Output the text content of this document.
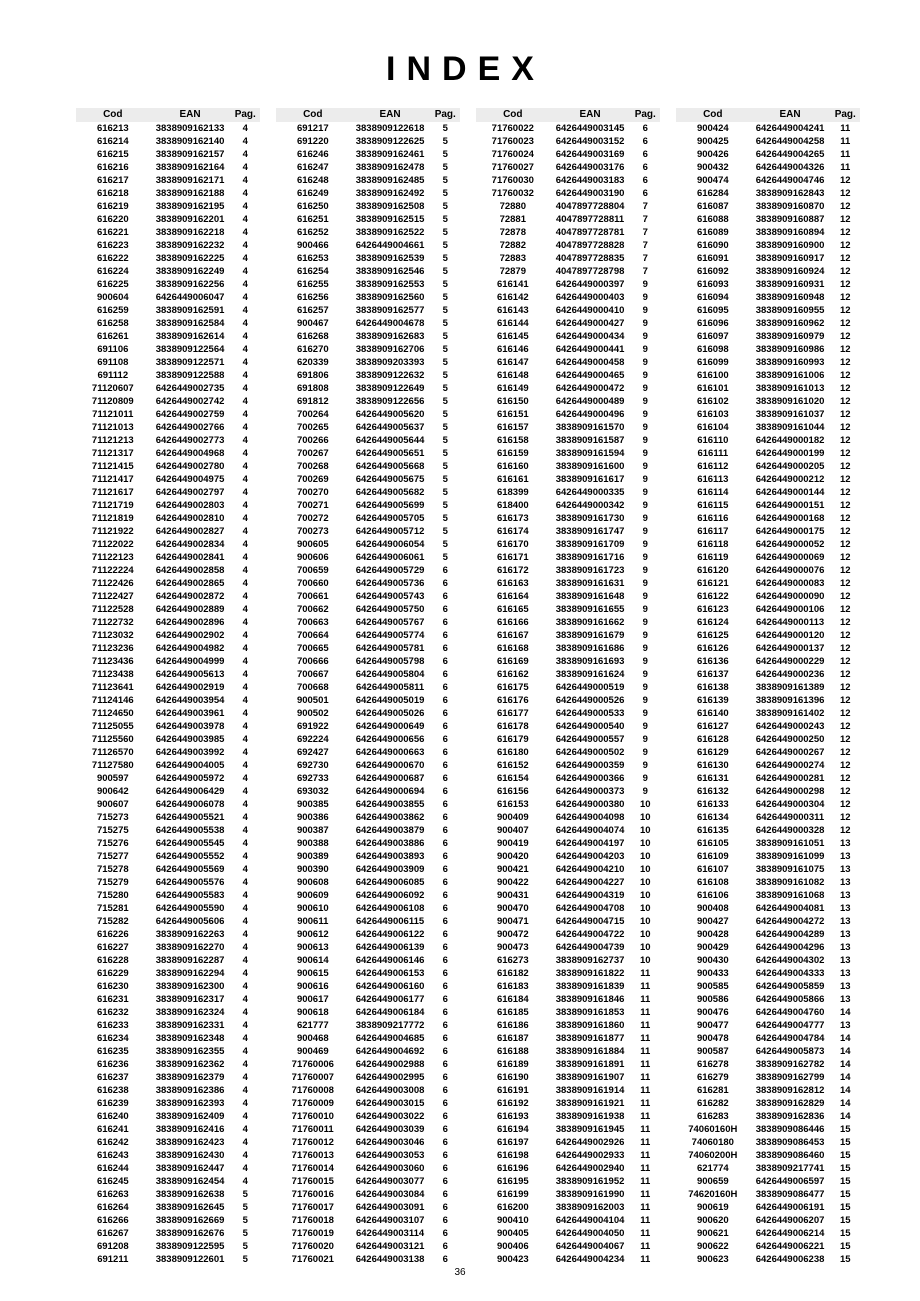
INDEX
Cod	EAN	Pag.
616213	3838909162133	4
616214	3838909162140	4
616215	3838909162157	4
616216	3838909162164	4
616217	3838909162171	4
616218	3838909162188	4
616219	3838909162195	4
616220	3838909162201	4
616221	3838909162218	4
616223	3838909162232	4
616222	3838909162225	4
616224	3838909162249	4
616225	3838909162256	4
900604	6426449006047	4
616259	3838909162591	4
616258	3838909162584	4
616261	3838909162614	4
691106	3838909122564	4
691108	3838909122571	4
691112	3838909122588	4
71120607	6426449002735	4
71120809	6426449002742	4
71121011	6426449002759	4
71121013	6426449002766	4
71121213	6426449002773	4
71121317	6426449004968	4
71121415	6426449002780	4
71121417	6426449004975	4
71121617	6426449002797	4
71121719	6426449002803	4
71121819	6426449002810	4
71121922	6426449002827	4
71122022	6426449002834	4
71122123	6426449002841	4
71122224	6426449002858	4
71122426	6426449002865	4
71122427	6426449002872	4
71122528	6426449002889	4
71122732	6426449002896	4
71123032	6426449002902	4
71123236	6426449004982	4
71123436	6426449004999	4
71123438	6426449005613	4
71123641	6426449002919	4
71124146	6426449003954	4
71124650	6426449003961	4
71125055	6426449003978	4
71125560	6426449003985	4
71126570	6426449003992	4
71127580	6426449004005	4
900597	6426449005972	4
900642	6426449006429	4
900607	6426449006078	4
715273	6426449005521	4
715275	6426449005538	4
715276	6426449005545	4
715277	6426449005552	4
715278	6426449005569	4
715279	6426449005576	4
715280	6426449005583	4
715281	6426449005590	4
715282	6426449005606	4
616226	3838909162263	4
616227	3838909162270	4
616228	3838909162287	4
616229	3838909162294	4
616230	3838909162300	4
616231	3838909162317	4
616232	3838909162324	4
616233	3838909162331	4
616234	3838909162348	4
616235	3838909162355	4
616236	3838909162362	4
616237	3838909162379	4
616238	3838909162386	4
616239	3838909162393	4
616240	3838909162409	4
616241	3838909162416	4
616242	3838909162423	4
616243	3838909162430	4
616244	3838909162447	4
616245	3838909162454	4
616263	3838909162638	5
616264	3838909162645	5
616266	3838909162669	5
616267	3838909162676	5
691208	3838909122595	5
691211	3838909122601	5
Cod	EAN	Pag.
691217	3838909122618	5
691220	3838909122625	5
616246	3838909162461	5
616247	3838909162478	5
616248	3838909162485	5
616249	3838909162492	5
616250	3838909162508	5
616251	3838909162515	5
616252	3838909162522	5
900466	6426449004661	5
616253	3838909162539	5
616254	3838909162546	5
616255	3838909162553	5
616256	3838909162560	5
616257	3838909162577	5
900467	6426449004678	5
616268	3838909162683	5
616270	3838909162706	5
620339	3838909203393	5
691806	3838909122632	5
691808	3838909122649	5
691812	3838909122656	5
700264	6426449005620	5
700265	6426449005637	5
700266	6426449005644	5
700267	6426449005651	5
700268	6426449005668	5
700269	6426449005675	5
700270	6426449005682	5
700271	6426449005699	5
700272	6426449005705	5
700273	6426449005712	5
900605	6426449006054	5
900606	6426449006061	5
700659	6426449005729	6
700660	6426449005736	6
700661	6426449005743	6
700662	6426449005750	6
700663	6426449005767	6
700664	6426449005774	6
700665	6426449005781	6
700666	6426449005798	6
700667	6426449005804	6
700668	6426449005811	6
900501	6426449005019	6
900502	6426449005026	6
691922	6426449000649	6
692224	6426449000656	6
692427	6426449000663	6
692730	6426449000670	6
692733	6426449000687	6
693032	6426449000694	6
900385	6426449003855	6
900386	6426449003862	6
900387	6426449003879	6
900388	6426449003886	6
900389	6426449003893	6
900390	6426449003909	6
900608	6426449006085	6
900609	6426449006092	6
900610	6426449006108	6
900611	6426449006115	6
900612	6426449006122	6
900613	6426449006139	6
900614	6426449006146	6
900615	6426449006153	6
900616	6426449006160	6
900617	6426449006177	6
900618	6426449006184	6
621777	3838909217772	6
900468	6426449004685	6
900469	6426449004692	6
71760006	6426449002988	6
71760007	6426449002995	6
71760008	6426449003008	6
71760009	6426449003015	6
71760010	6426449003022	6
71760011	6426449003039	6
71760012	6426449003046	6
71760013	6426449003053	6
71760014	6426449003060	6
71760015	6426449003077	6
71760016	6426449003084	6
71760017	6426449003091	6
71760018	6426449003107	6
71760019	6426449003114	6
71760020	6426449003121	6
71760021	6426449003138	6
Cod	EAN	Pag.
71760022	6426449003145	6
71760023	6426449003152	6
71760024	6426449003169	6
71760027	6426449003176	6
71760030	6426449003183	6
71760032	6426449003190	6
72880	4047897728804	7
72881	4047897728811	7
72878	4047897728781	7
72882	4047897728828	7
72883	4047897728835	7
72879	4047897728798	7
616141	6426449000397	9
616142	6426449000403	9
616143	6426449000410	9
616144	6426449000427	9
616145	6426449000434	9
616146	6426449000441	9
616147	6426449000458	9
616148	6426449000465	9
616149	6426449000472	9
616150	6426449000489	9
616151	6426449000496	9
616157	3838909161570	9
616158	3838909161587	9
616159	3838909161594	9
616160	3838909161600	9
616161	3838909161617	9
618399	6426449000335	9
618400	6426449000342	9
616173	3838909161730	9
616174	3838909161747	9
616170	3838909161709	9
616171	3838909161716	9
616172	3838909161723	9
616163	3838909161631	9
616164	3838909161648	9
616165	3838909161655	9
616166	3838909161662	9
616167	3838909161679	9
616168	3838909161686	9
616169	3838909161693	9
616162	3838909161624	9
616175	6426449000519	9
616176	6426449000526	9
616177	6426449000533	9
616178	6426449000540	9
616179	6426449000557	9
616180	6426449000502	9
616152	6426449000359	9
616154	6426449000366	9
616156	6426449000373	9
616153	6426449000380	10
900409	6426449004098	10
900407	6426449004074	10
900419	6426449004197	10
900420	6426449004203	10
900421	6426449004210	10
900422	6426449004227	10
900431	6426449004319	10
900470	6426449004708	10
900471	6426449004715	10
900472	6426449004722	10
900473	6426449004739	10
616273	3838909162737	10
616182	3838909161822	11
616183	3838909161839	11
616184	3838909161846	11
616185	3838909161853	11
616186	3838909161860	11
616187	3838909161877	11
616188	3838909161884	11
616189	3838909161891	11
616190	3838909161907	11
616191	3838909161914	11
616192	3838909161921	11
616193	3838909161938	11
616194	3838909161945	11
616197	6426449002926	11
616198	6426449002933	11
616196	6426449002940	11
616195	3838909161952	11
616199	3838909161990	11
616200	3838909162003	11
900410	6426449004104	11
900405	6426449004050	11
900406	6426449004067	11
900423	6426449004234	11
Cod	EAN	Pag.
900424	6426449004241	11
900425	6426449004258	11
900426	6426449004265	11
900432	6426449004326	11
900474	6426449004746	12
616284	3838909162843	12
616087	3838909160870	12
616088	3838909160887	12
616089	3838909160894	12
616090	3838909160900	12
616091	3838909160917	12
616092	3838909160924	12
616093	3838909160931	12
616094	3838909160948	12
616095	3838909160955	12
616096	3838909160962	12
616097	3838909160979	12
616098	3838909160986	12
616099	3838909160993	12
616100	3838909161006	12
616101	3838909161013	12
616102	3838909161020	12
616103	3838909161037	12
616104	3838909161044	12
616110	6426449000182	12
616111	6426449000199	12
616112	6426449000205	12
616113	6426449000212	12
616114	6426449000144	12
616115	6426449000151	12
616116	6426449000168	12
616117	6426449000175	12
616118	6426449000052	12
616119	6426449000069	12
616120	6426449000076	12
616121	6426449000083	12
616122	6426449000090	12
616123	6426449000106	12
616124	6426449000113	12
616125	6426449000120	12
616126	6426449000137	12
616136	6426449000229	12
616137	6426449000236	12
616138	3838909161389	12
616139	3838909161396	12
616140	3838909161402	12
616127	6426449000243	12
616128	6426449000250	12
616129	6426449000267	12
616130	6426449000274	12
616131	6426449000281	12
616132	6426449000298	12
616133	6426449000304	12
616134	6426449000311	12
616135	6426449000328	12
616105	3838909161051	13
616109	3838909161099	13
616107	3838909161075	13
616108	3838909161082	13
616106	3838909161068	13
900408	6426449004081	13
900427	6426449004272	13
900428	6426449004289	13
900429	6426449004296	13
900430	6426449004302	13
900433	6426449004333	13
900585	6426449005859	13
900586	6426449005866	13
900476	6426449004760	14
900477	6426449004777	13
900478	6426449004784	14
900587	6426449005873	14
616278	3838909162782	14
616279	3838909162799	14
616281	3838909162812	14
616282	3838909162829	14
616283	3838909162836	14
74060160H	3838909086446	15
74060180	3838909086453	15
74060200H	3838909086460	15
621774	3838909217741	15
900659	6426449006597	15
74620160H	3838909086477	15
900619	6426449006191	15
900620	6426449006207	15
900621	6426449006214	15
900622	6426449006221	15
900623	6426449006238	15
36
